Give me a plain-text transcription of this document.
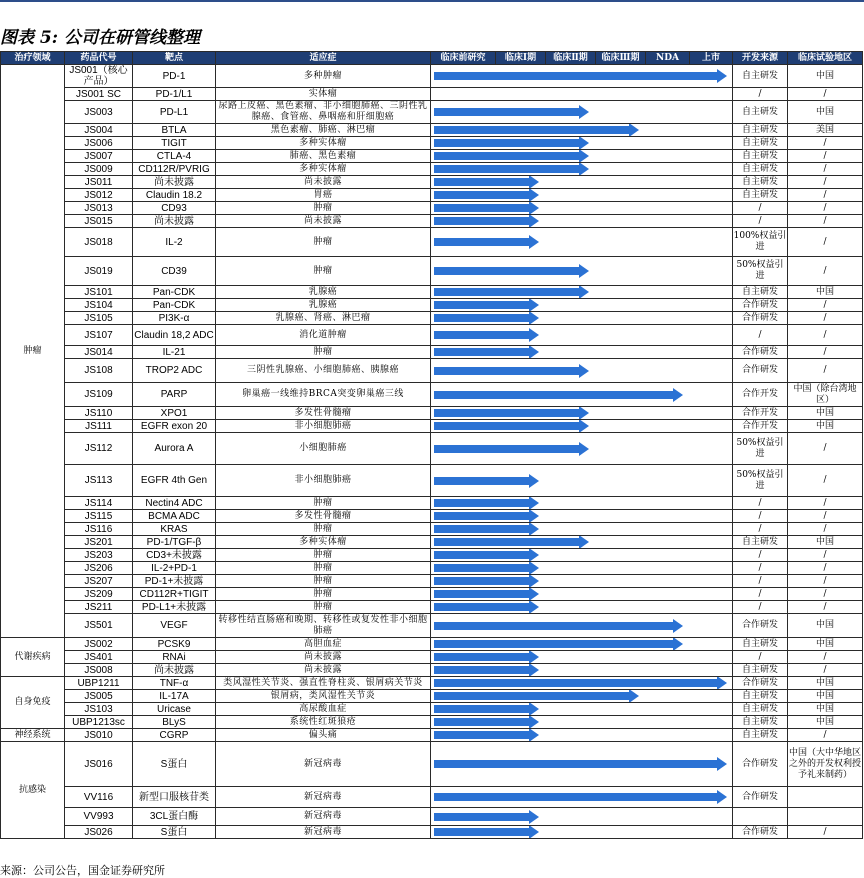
图表 5: 公司在研管线整理
治疗领域	药品代号	靶点	适应症	临床前研究	临床Ⅰ期	临床Ⅱ期	临床Ⅲ期	NDA	上市	开发来源	临床试验地区
肿瘤	JS001（核心产品）	PD-1	多种肿瘤							自主研发	中国
	JS001 SC	PD-1/L1	实体瘤							/	/
	JS003	PD-L1	尿路上皮癌、黑色素瘤、非小细胞肺癌、三阴性乳腺癌、食管癌、鼻咽癌和肝细胞癌							自主研发	中国
	JS004	BTLA	黑色素瘤、肺癌、淋巴瘤							自主研发	美国
	JS006	TIGIT	多种实体瘤							自主研发	/
	JS007	CTLA-4	肺癌、黑色素瘤							自主研发	/
	JS009	CD112R/PVRIG	多种实体瘤							自主研发	/
	JS011	尚未披露	尚未披露							自主研发	/
	JS012	Claudin 18.2	胃癌							自主研发	/
	JS013	CD93	肿瘤							/	/
	JS015	尚未披露	尚未披露							/	/
	JS018	IL-2	肿瘤							100%权益引进	/
	JS019	CD39	肿瘤							50%权益引进	/
	JS101	Pan-CDK	乳腺癌							自主研发	中国
	JS104	Pan-CDK	乳腺癌							合作研发	/
	JS105	PI3K-α	乳腺癌、肾癌、淋巴瘤							合作研发	/
	JS107	Claudin 18,2 ADC	消化道肿瘤							/	/
	JS014	IL-21	肿瘤							合作研发	/
	JS108	TROP2 ADC	三阴性乳腺癌、小细胞肺癌、胰腺癌							合作研发	/
	JS109	PARP	卵巢癌一线维持BRCA突变卵巢癌三线							合作开发	中国（除台湾地区）
	JS110	XPO1	多发性骨髓瘤							合作开发	中国
	JS111	EGFR exon 20	非小细胞肺癌							合作开发	中国
	JS112	Aurora A	小细胞肺癌							50%权益引进	/
	JS113	EGFR 4th Gen	非小细胞肺癌							50%权益引进	/
	JS114	Nectin4 ADC	肿瘤							/	/
	JS115	BCMA ADC	多发性骨髓瘤							/	/
	JS116	KRAS	肿瘤							/	/
	JS201	PD-1/TGF-β	多种实体瘤							自主研发	中国
	JS203	CD3+未披露	肿瘤							/	/
	JS206	IL-2+PD-1	肿瘤							/	/
	JS207	PD-1+未披露	肿瘤							/	/
	JS209	CD112R+TIGIT	肿瘤							/	/
	JS211	PD-L1+未披露	肿瘤							/	/
	JS501	VEGF	转移性结直肠癌和晚期、转移性或复发性非小细胞肺癌							合作研发	中国
代谢疾病	JS002	PCSK9	高胆血症							自主研发	中国
	JS401	RNAi	尚未披露							/	/
	JS008	尚未披露	尚未披露							自主研发	/
自身免疫	UBP1211	TNF-α	类风湿性关节炎、强直性脊柱炎、银屑病关节炎							合作研发	中国
	JS005	IL-17A	银屑病，类风湿性关节炎							自主研发	中国
	JS103	Uricase	高尿酸血症							自主研发	中国
	UBP1213sc	BLyS	系统性红斑狼疮							自主研发	中国
神经系统	JS010	CGRP	偏头痛							自主研发	/
抗感染	JS016	S蛋白	新冠病毒							合作研发	中国（大中华地区之外的开发权利授予礼来制药）
	VV116	新型口服核苷类	新冠病毒							合作研发	
	VV993	3CL蛋白酶	新冠病毒						

	JS026	S蛋白	新冠病毒							合作研发	/
来源：公司公告，国金证券研究所
